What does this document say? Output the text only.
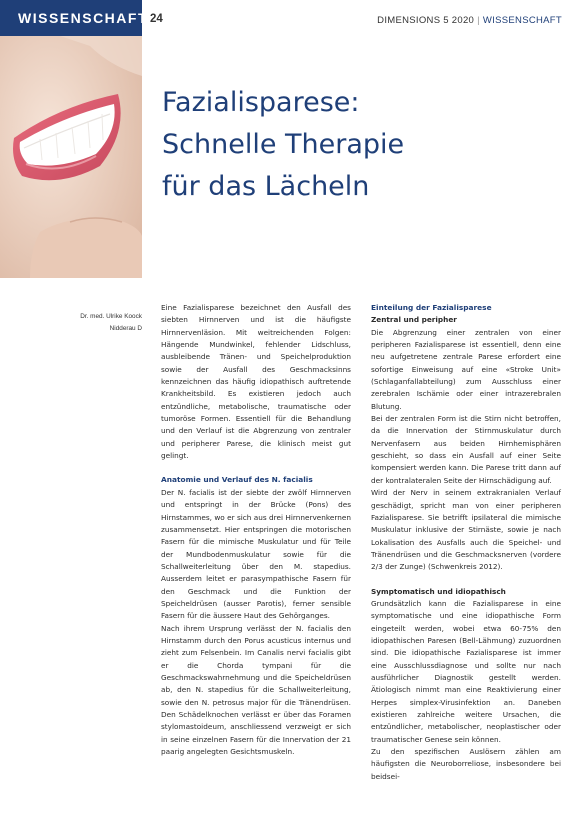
WISSENSCHAFT 24	DIMENSIONS 5 2020 | WISSENSCHAFT
Fazialisparese:
Schnelle Therapie
für das Lächeln
Dr. med. Ulrike Koock
Nidderau D

Eine Fazialisparese bezeichnet den Ausfall des siebten Hirnnerven und ist die häufigste Hirnnervenläsion. Mit weitreichenden Folgen: Hängende Mundwinkel, fehlender Lidschluss, ausbleibende Tränen- und Speichelproduktion sowie der Ausfall des Geschmacksinns kennzeichnen das häufig idiopathisch auftretende Krankheitsbild. Es existieren jedoch auch entzündliche, metabolische, traumatische oder tumoröse Formen. Essentiell für die Behandlung und den Verlauf ist die Abgrenzung von zentraler und peripherer Parese, die klinisch meist gut gelingt.

Anatomie und Verlauf des N. facialis

Der N. facialis ist der siebte der zwölf Hirnnerven und entspringt in der Brücke (Pons) des Hirnstammes, wo er sich aus drei Hirnnervenkernen zusammensetzt. Hier entspringen die motorischen Fasern für die mimische Muskulatur und für Teile der Mundbodenmuskulatur sowie für die Schallweiterleitung über den M. stapedius. Ausserdem leitet er parasympathische Fasern für den Geschmack und die Funktion der Speicheldrüsen (ausser Parotis), ferner sensible Fasern für die äussere Haut des Gehörganges.

Nach ihrem Ursprung verlässt der N. facialis den Hirnstamm durch den Porus acusticus internus und zieht zum Felsenbein. Im Canalis nervi facialis gibt er die Chorda tympani für die Geschmackswahrnehmung und die Speicheldrüsen ab, den N. stapedius für die Schallweiterleitung, sowie den N. petrosus major für die Tränendrüsen. Den Schädelknochen verlässt er über das Foramen stylomastoideum, anschliessend verzweigt er sich in seine einzelnen Fasern für die Innervation der 21 paarig angelegten Gesichtsmuskeln.

Einteilung der Fazialisparese
Zentral und peripher

Die Abgrenzung einer zentralen von einer peripheren Fazialisparese ist essentiell, denn eine neu aufgetretene zentrale Parese erfordert eine sofortige Einweisung auf eine «Stroke Unit» (Schlaganfallabteilung) zum Ausschluss einer zerebralen Ischämie oder einer intrazerebralen Blutung.

Bei der zentralen Form ist die Stirn nicht betroffen, da die Innervation der Stirnmuskulatur durch Nervenfasern aus beiden Hirnhemisphären geschieht, so dass ein Ausfall auf einer Seite kompensiert werden kann. Die Parese tritt dann auf der kontralateralen Seite der Hirnschädigung auf.

Wird der Nerv in seinem extrakranialen Verlauf geschädigt, spricht man von einer peripheren Fazialisparese. Sie betrifft ipsilateral die mimische Muskulatur inklusive der Stirnäste, sowie je nach Lokalisation des Ausfalls auch die Speichel- und Tränendrüsen und die Geschmacksnerven (vordere 2/3 der Zunge) (Schwenkreis 2012).

Symptomatisch und idiopathisch

Grundsätzlich kann die Fazialisparese in eine symptomatische und eine idiopathische Form eingeteilt werden, wobei etwa 60-75% den idiopathischen Paresen (Bell-Lähmung) zuzuordnen sind. Die idiopathische Fazialisparese ist immer eine Ausschlussdiagnose und sollte nur nach ausführlicher Diagnostik gestellt werden. Ätiologisch nimmt man eine Reaktivierung einer Herpes simplex-Virusinfektion an. Daneben existieren zahlreiche weitere Ursachen, die entzündlicher, metabolischer, neoplastischer oder traumatischer Genese sein können.

Zu den spezifischen Auslösern zählen am häufigsten die Neuroborreliose, insbesondere bei beidsei-
